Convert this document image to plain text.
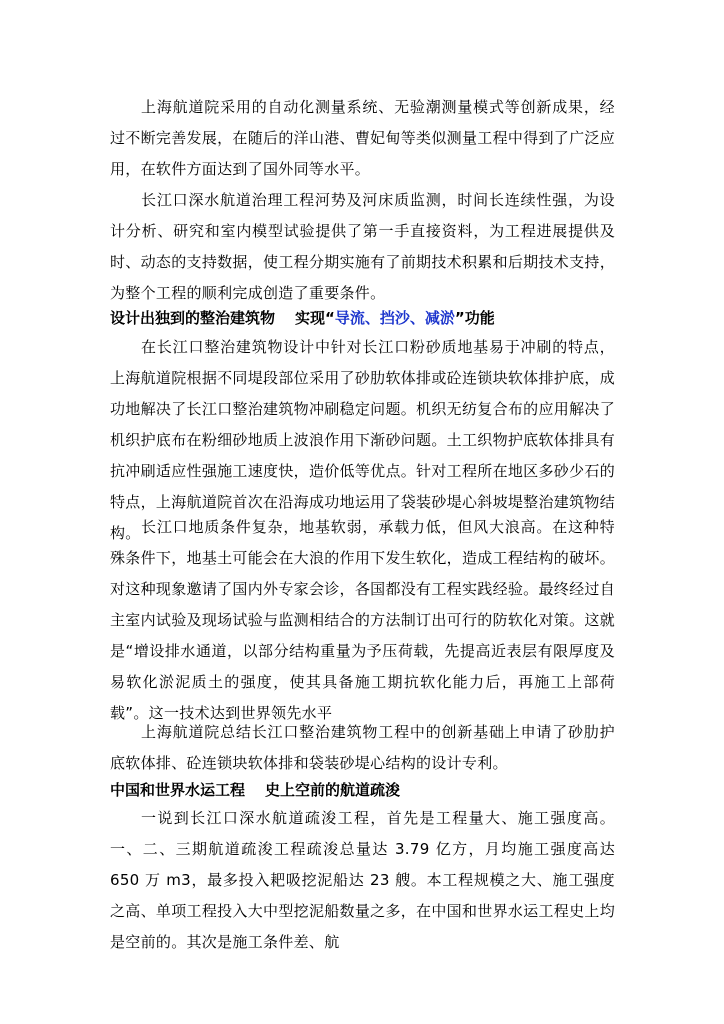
上海航道院采用的自动化测量系统、无验潮测量模式等创新成果，经过不断完善发展，在随后的洋山港、曹妃甸等类似测量工程中得到了广泛应用，在软件方面达到了国外同等水平。

长江口深水航道治理工程河势及河床质监测，时间长连续性强，为设计分析、研究和室内模型试验提供了第一手直接资料，为工程进展提供及时、动态的支持数据，使工程分期实施有了前期技术积累和后期技术支持，为整个工程的顺利完成创造了重要条件。

设计出独到的整治建筑物 实现“导流、挡沙、减淤”功能

在长江口整治建筑物设计中针对长江口粉砂质地基易于冲刷的特点，上海航道院根据不同堤段部位采用了砂肋软体排或砼连锁块软体排护底，成功地解决了长江口整治建筑物冲刷稳定问题。机织无纺复合布的应用解决了机织护底布在粉细砂地质上波浪作用下渐砂问题。土工织物护底软体排具有抗冲刷适应性强施工速度快，造价低等优点。针对工程所在地区多砂少石的特点，上海航道院首次在沿海成功地运用了袋装砂堤心斜坡堤整治建筑物结构。 长江口地质条件复杂，地基软弱，承载力低，但风大浪高。在这种特殊条件下，地基土可能会在大浪的作用下发生软化，造成工程结构的破坏。对这种现象邀请了国内外专家会诊，各国都没有工程实践经验。最终经过自主室内试验及现场试验与监测相结合的方法制订出可行的防软化对策。这就是“增设排水通道，以部分结构重量为予压荷载，先提高近表层有限厚度及易软化淤泥质土的强度，使其具备施工期抗软化能力后，再施工上部荷载”。这一技术达到世界领先水平

上海航道院总结长江口整治建筑物工程中的创新基础上申请了砂肋护底软体排、砼连锁块软体排和袋装砂堤心结构的设计专利。

中国和世界水运工程 史上空前的航道疏浚

一说到长江口深水航道疏浚工程，首先是工程量大、施工强度高。一、二、三期航道疏浚工程疏浚总量达 3.79 亿方，月均施工强度高达 650 万 m3，最多投入耙吸挖泥船达 23 艘。本工程规模之大、施工强度之高、单项工程投入大中型挖泥船数量之多，在中国和世界水运工程史上均是空前的。其次是施工条件差、航
